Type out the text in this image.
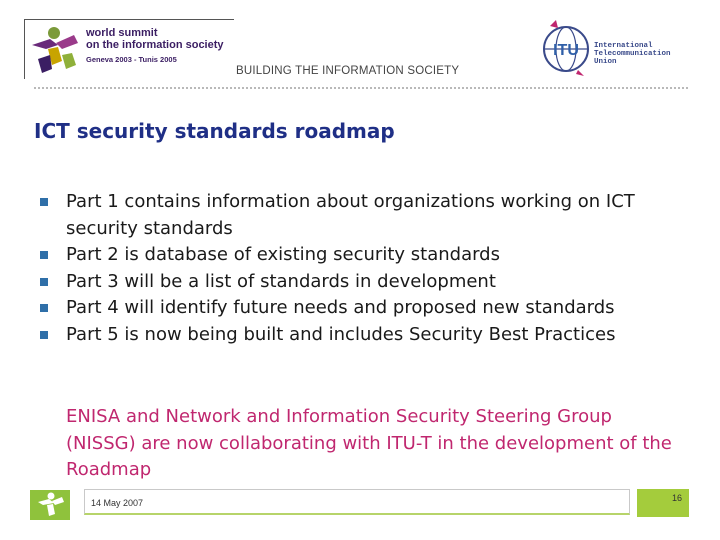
world summit
on the information society
Geneva 2003 - Tunis 2005
BUILDING THE INFORMATION SOCIETY
ITU International
Telecommunication
Union
ICT security standards roadmap
Part 1 contains information about organizations working on ICT security standards
Part 2 is database of existing security standards
Part 3 will be a list of standards in development
Part 4 will identify future needs and proposed new standards
Part 5 is now being built and includes Security Best Practices

ENISA and Network and Information Security Steering Group (NISSG) are now collaborating with ITU-T in the development of the Roadmap

14 May 2007	16
